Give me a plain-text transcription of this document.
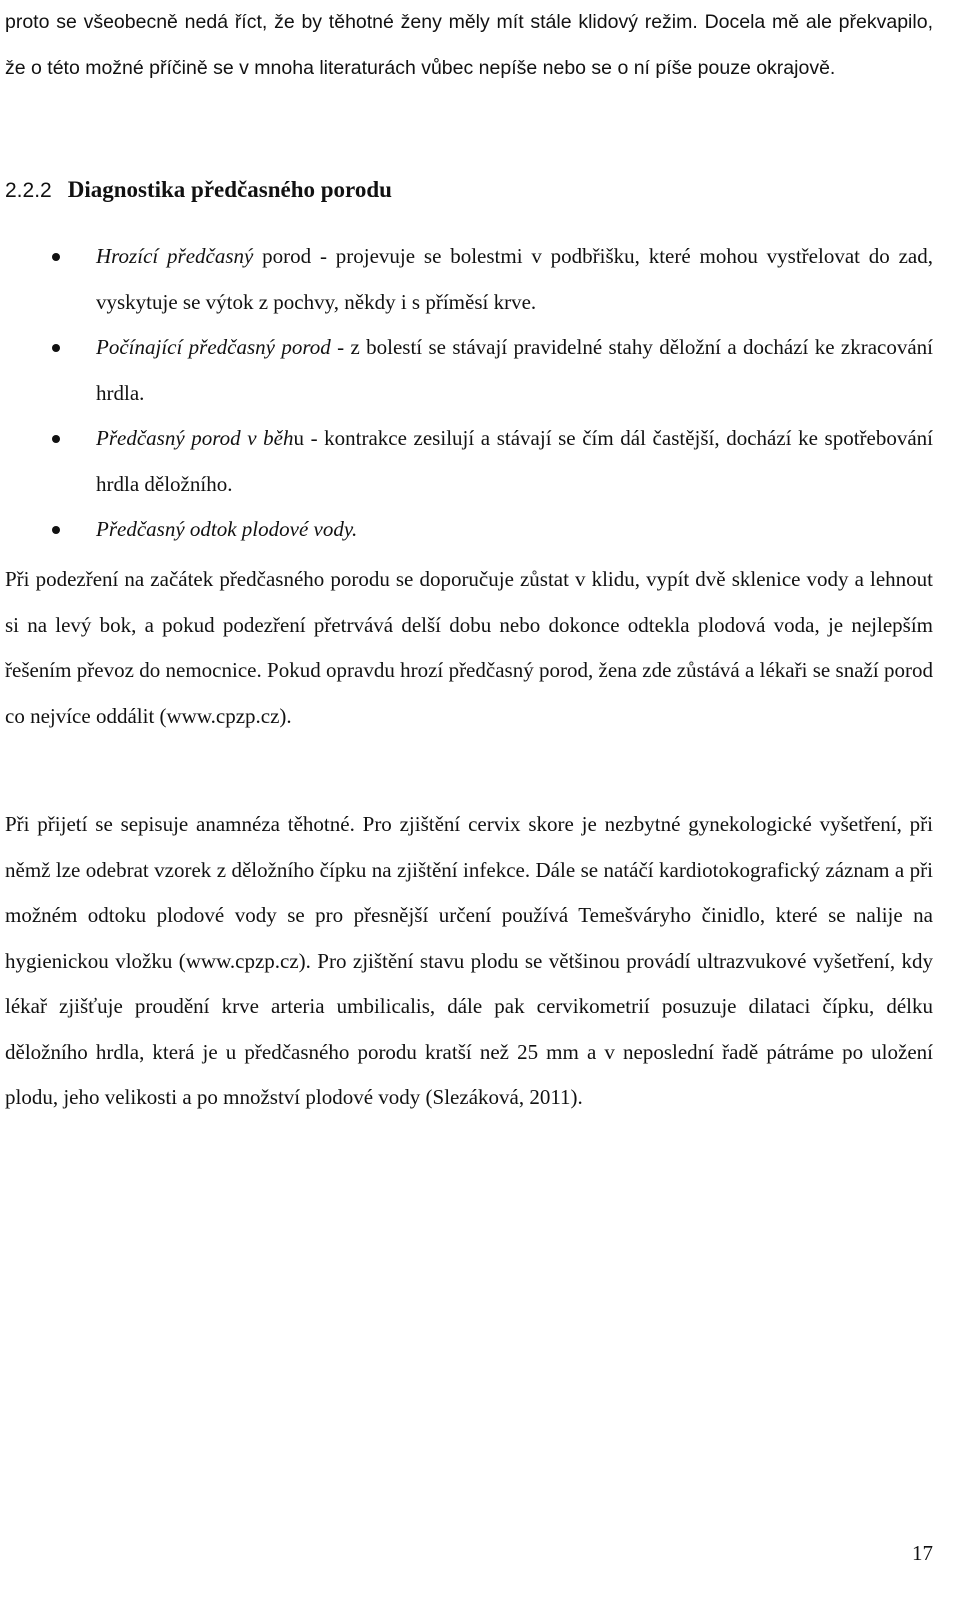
proto se všeobecně nedá říct, že by těhotné ženy měly mít stále klidový režim. Docela mě ale překvapilo, že o této možné příčině se v mnoha literaturách vůbec nepíše nebo se o ní píše pouze okrajově.
2.2.2 Diagnostika předčasného porodu
Hrozící předčasný porod - projevuje se bolestmi v podbřišku, které mohou vystřelovat do zad, vyskytuje se výtok z pochvy, někdy i s příměsí krve.
Počínající předčasný porod - z bolestí se stávají pravidelné stahy děložní a dochází ke zkracování hrdla.
Předčasný porod v běhu - kontrakce zesilují a stávají se čím dál častější, dochází ke spotřebování hrdla děložního.
Předčasný odtok plodové vody.
Při podezření na začátek předčasného porodu se doporučuje zůstat v klidu, vypít dvě sklenice vody a lehnout si na levý bok, a pokud podezření přetrvává delší dobu nebo dokonce odtekla plodová voda, je nejlepším řešením převoz do nemocnice. Pokud opravdu hrozí předčasný porod, žena zde zůstává a lékaři se snaží porod co nejvíce oddálit (www.cpzp.cz).
Při přijetí se sepisuje anamnéza těhotné. Pro zjištění cervix skore je nezbytné gynekologické vyšetření, při němž lze odebrat vzorek z děložního čípku na zjištění infekce. Dále se natáčí kardiotokografický záznam a při možném odtoku plodové vody se pro přesnější určení používá Temešváryho činidlo, které se nalije na hygienickou vložku (www.cpzp.cz). Pro zjištění stavu plodu se většinou provádí ultrazvukové vyšetření, kdy lékař zjišťuje proudění krve arteria umbilicalis, dále pak cervikometrií posuzuje dilataci čípku, délku děložního hrdla, která je u předčasného porodu kratší než 25 mm a v neposlední řadě pátráme po uložení plodu, jeho velikosti a po množství plodové vody (Slezáková, 2011).
17
